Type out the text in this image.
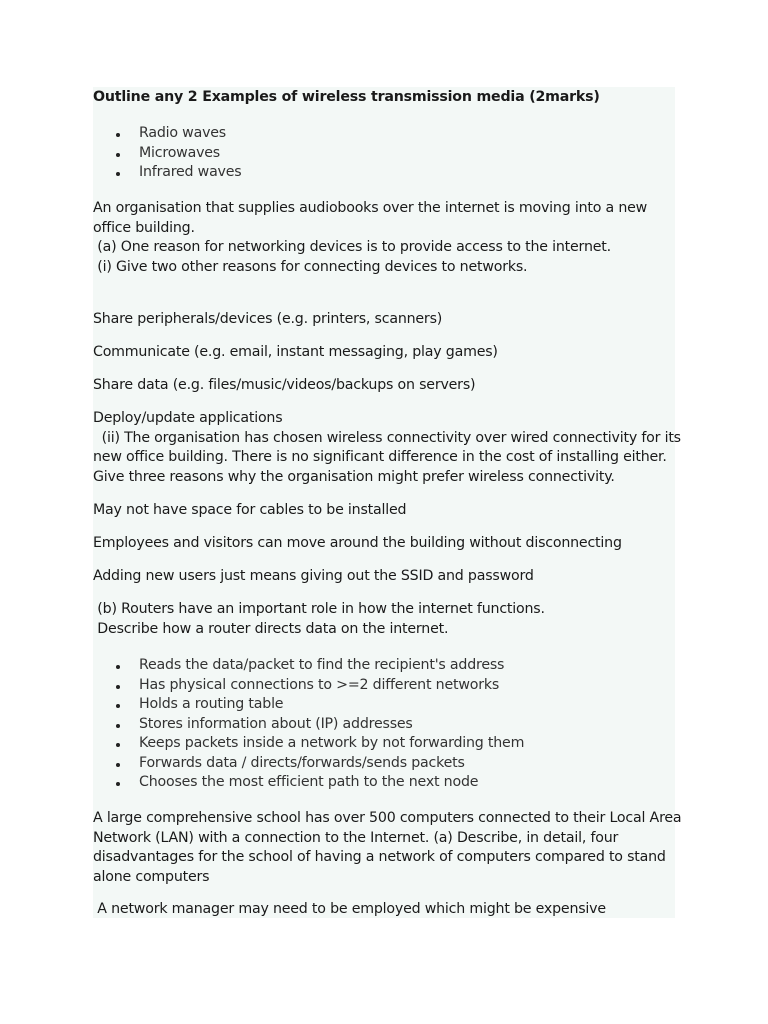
Outline any 2 Examples of wireless transmission media (2marks)
Radio waves
Microwaves
Infrared waves
An organisation that supplies audiobooks over the internet is moving into a new
office building.
(a) One reason for networking devices is to provide access to the internet.
(i) Give two other reasons for connecting devices to networks.
Share peripherals/devices (e.g. printers, scanners)
Communicate (e.g. email, instant messaging, play games)
Share data (e.g. files/music/videos/backups on servers)
Deploy/update applications
(ii) The organisation has chosen wireless connectivity over wired connectivity for its
new office building. There is no significant difference in the cost of installing either.
Give three reasons why the organisation might prefer wireless connectivity.
May not have space for cables to be installed
Employees and visitors can move around the building without disconnecting
Adding new users just means giving out the SSID and password
(b) Routers have an important role in how the internet functions.
Describe how a router directs data on the internet.
Reads the data/packet to find the recipient's address
Has physical connections to >=2 different networks
Holds a routing table
Stores information about (IP) addresses
Keeps packets inside a network by not forwarding them
Forwards data / directs/forwards/sends packets
Chooses the most efficient path to the next node
A large comprehensive school has over 500 computers connected to their Local Area
Network (LAN) with a connection to the Internet. (a) Describe, in detail, four
disadvantages for the school of having a network of computers compared to stand
alone computers
A network manager may need to be employed which might be expensive
